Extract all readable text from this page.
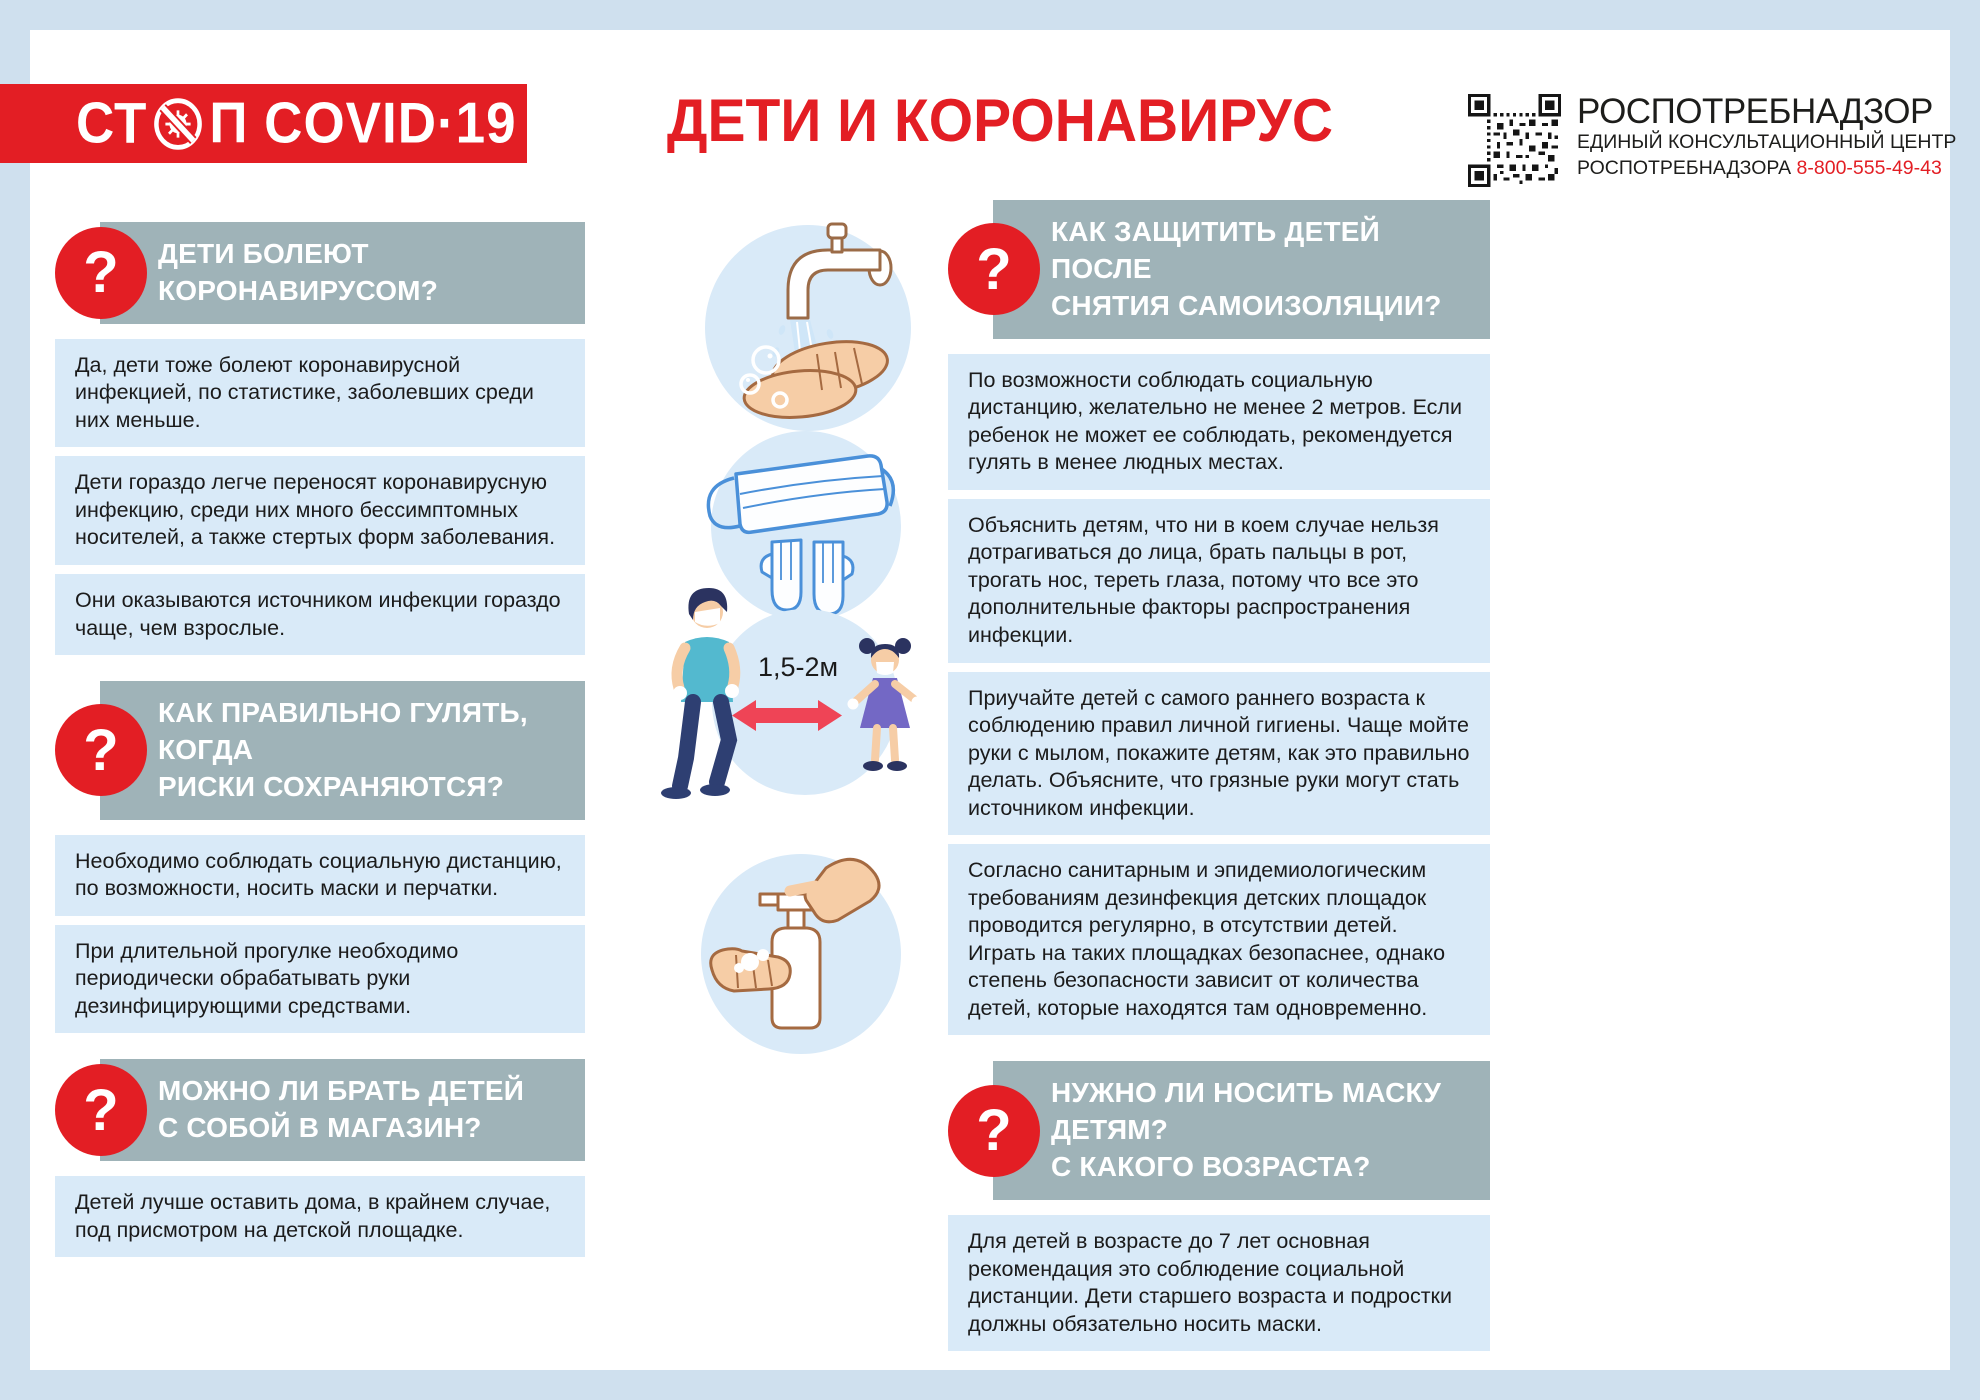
СТ П COVID·19	ДЕТИ И КОРОНАВИРУС	РОСПОТРЕБНАДЗОР
ЕДИНЫЙ КОНСУЛЬТАЦИОННЫЙ ЦЕНТР
РОСПОТРЕБНАДЗОРА 8-800-555-49-43
?	ДЕТИ БОЛЕЮТ КОРОНАВИРУСОМ?
Да, дети тоже болеют коронавирусной инфекцией, по статистике, заболевших среди них меньше.
Дети гораздо легче переносят коронавирусную инфекцию, среди них много бессимптомных носителей, а также стертых форм заболевания.
Они оказываются источником инфекции гораздо чаще, чем взрослые.
?
КАК ПРАВИЛЬНО ГУЛЯТЬ, КОГДА
РИСКИ СОХРАНЯЮТСЯ?
Необходимо соблюдать социальную дистанцию, по возможности, носить маски и перчатки.
При длительной прогулке необходимо периодически обрабатывать руки дезинфицирующими средствами.
?	МОЖНО ЛИ БРАТЬ ДЕТЕЙ
С СОБОЙ В МАГАЗИН?
Детей лучше оставить дома, в крайнем случае, под присмотром на детской площадке.
?
КАК ЗАЩИТИТЬ ДЕТЕЙ ПОСЛЕ
СНЯТИЯ САМОИЗОЛЯЦИИ?
По возможности соблюдать социальную дистанцию, желательно не менее 2 метров. Если ребенок не может ее соблюдать, рекомендуется гулять в менее людных местах.
Объяснить детям, что ни в коем случае нельзя дотрагиваться до лица, брать пальцы в рот, трогать нос, тереть глаза, потому что все это дополнительные факторы распространения инфекции.
Приучайте детей с самого раннего возраста к соблюдению правил личной гигиены. Чаще мойте руки с мылом, покажите детям, как это правильно делать. Объясните, что грязные руки могут стать источником инфекции.
Согласно санитарным и эпидемиологическим требованиям дезинфекция детских площадок проводится регулярно, в отсутствии детей. Играть на таких площадках безопаснее, однако степень безопасности зависит от количества детей, которые находятся там одновременно.
?
НУЖНО ЛИ НОСИТЬ МАСКУ ДЕТЯМ?
С КАКОГО ВОЗРАСТА?
Для детей в возрасте до 7 лет основная рекомендация это соблюдение социальной дистанции. Дети старшего возраста и подростки должны обязательно носить маски.
1,5-2м
